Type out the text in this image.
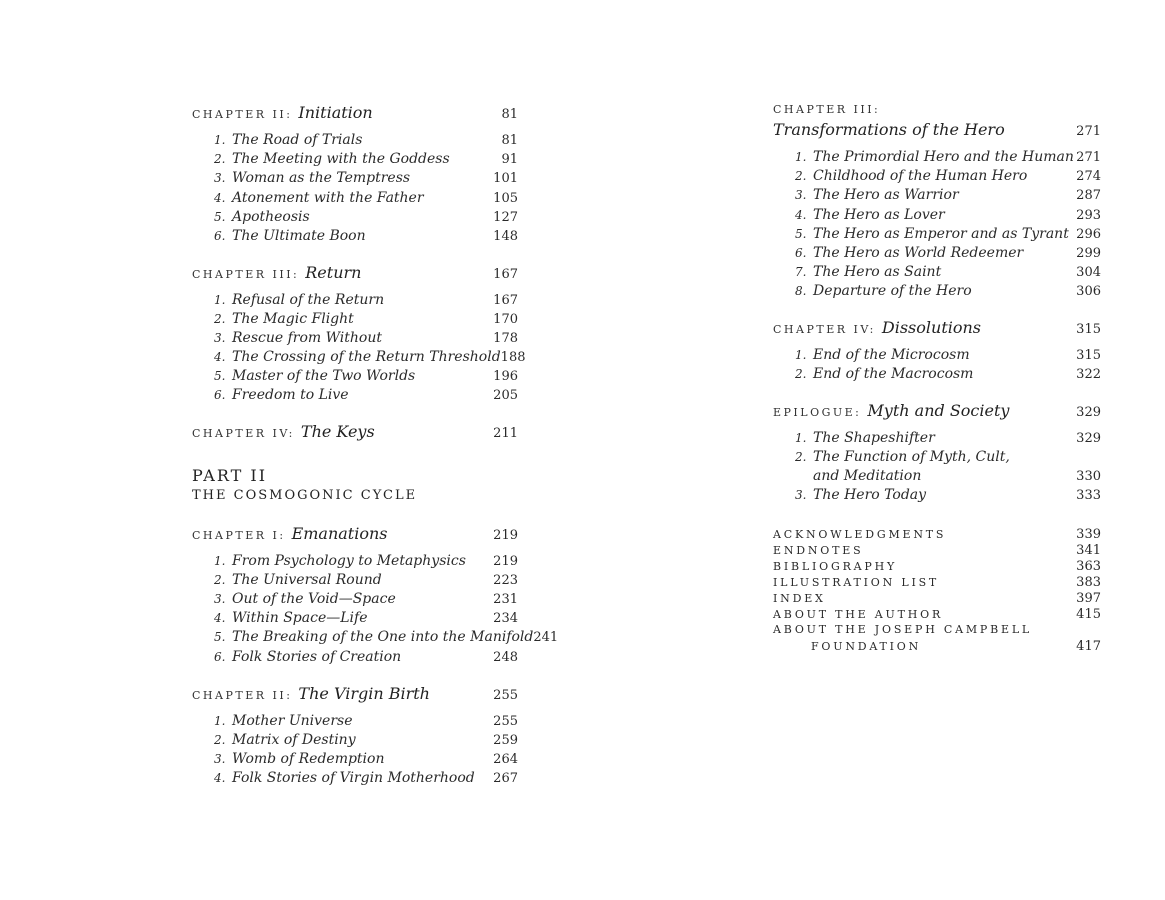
CHAPTER II: Initiation	81
1. The Road of Trials	81
2. The Meeting with the Goddess	91
3. Woman as the Temptress	101
4. Atonement with the Father	105
5. Apotheosis	127
6. The Ultimate Boon	148
CHAPTER III: Return	167
1. Refusal of the Return	167
2. The Magic Flight	170
3. Rescue from Without	178
4. The Crossing of the Return Threshold 188
5. Master of the Two Worlds	196
6. Freedom to Live	205
CHAPTER IV: The Keys	211
PART II
THE COSMOGONIC CYCLE
CHAPTER I: Emanations	219
1. From Psychology to Metaphysics 219
2. The Universal Round	223
3. Out of the Void—Space	231
4. Within Space—Life	234
5. The Breaking of the One into the Manifold 241
6. Folk Stories of Creation	248
CHAPTER II: The Virgin Birth	255
1. Mother Universe	255
2. Matrix of Destiny	259
3. Womb of Redemption	264
4. Folk Stories of Virgin Motherhood 267
CHAPTER III:
Transformations of the Hero	271
1. The Primordial Hero and the Human 271
2. Childhood of the Human Hero	274
3. The Hero as Warrior	287
4. The Hero as Lover	293
5. The Hero as Emperor and as Tyrant 296
6. The Hero as World Redeemer	299
7. The Hero as Saint	304
8. Departure of the Hero	306
CHAPTER IV: Dissolutions	315
1. End of the Microcosm	315
2. End of the Macrocosm	322
EPILOGUE: Myth and Society	329
1. The Shapeshifter	329
2. The Function of Myth, Cult,
and Meditation	330
3. The Hero Today	333
ACKNOWLEDGMENTS	339
ENDNOTES	341
BIBLIOGRAPHY	363
ILLUSTRATION LIST	383
INDEX	397
ABOUT THE AUTHOR	415
ABOUT THE JOSEPH CAMPBELL
FOUNDATION	417
